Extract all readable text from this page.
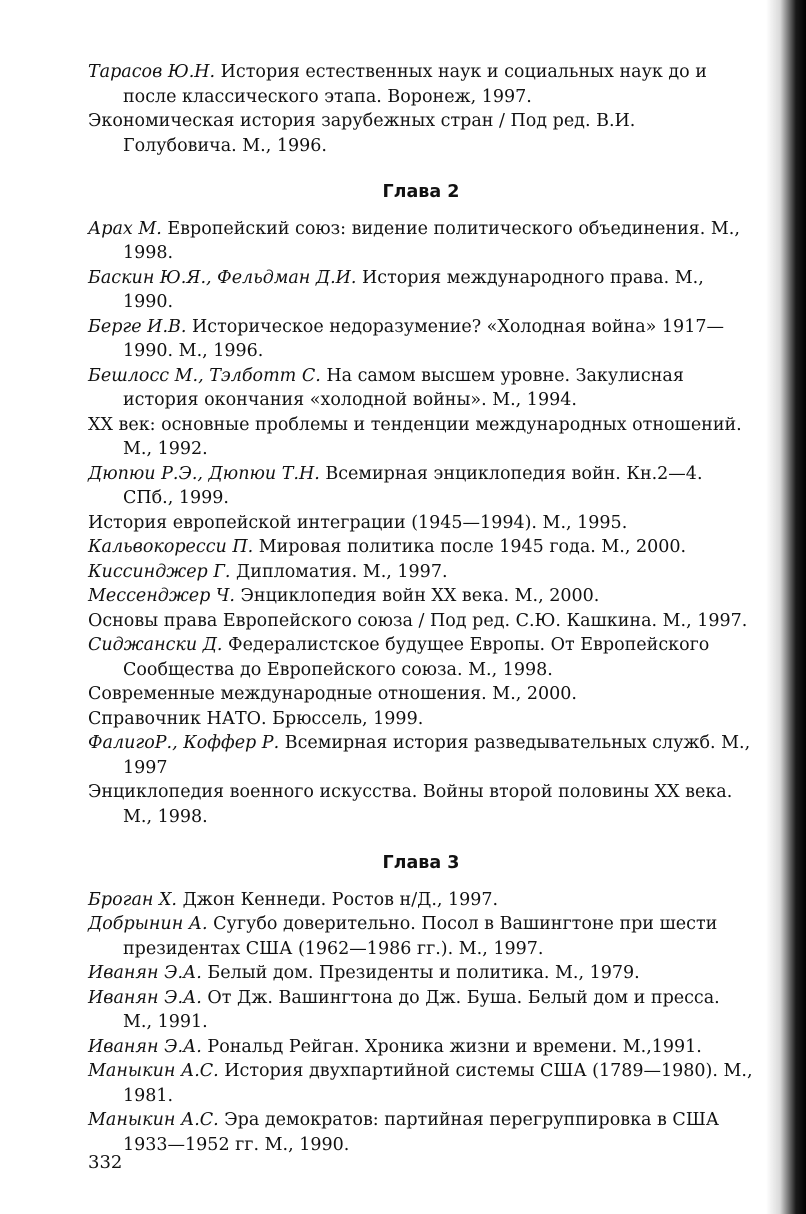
Тарасов Ю.Н. История естественных наук и социальных наук до и после классического этапа. Воронеж, 1997.

Экономическая история зарубежных стран / Под ред. В.И. Голубовича. М., 1996.

Глава 2

Арах М. Европейский союз: видение политического объединения. М., 1998.

Баскин Ю.Я., Фельдман Д.И. История международного права. М., 1990.

Берге И.В. Историческое недоразумение? «Холодная война» 1917—1990. М., 1996.

Бешлосс М., Тэлботт С. На самом высшем уровне. Закулисная история окончания «холодной войны». М., 1994.

XX век: основные проблемы и тенденции международных отношений. М., 1992.

Дюпюи Р.Э., Дюпюи Т.Н. Всемирная энциклопедия войн. Кн.2—4. СПб., 1999.

История европейской интеграции (1945—1994). М., 1995.

Кальвокоресси П. Мировая политика после 1945 года. М., 2000.

Киссинджер Г. Дипломатия. М., 1997.

Мессенджер Ч. Энциклопедия войн XX века. М., 2000.

Основы права Европейского союза / Под ред. С.Ю. Кашкина. М., 1997.

Сиджански Д. Федералистское будущее Европы. От Европейского Сообщества до Европейского союза. М., 1998.

Современные международные отношения. М., 2000.

Справочник НАТО. Брюссель, 1999.

ФалигоР., Коффер Р. Всемирная история разведывательных служб. М., 1997

Энциклопедия военного искусства. Войны второй половины XX века. М., 1998.

Глава 3

Броган Х. Джон Кеннеди. Ростов н/Д., 1997.

Добрынин А. Сугубо доверительно. Посол в Вашингтоне при шести президентах США (1962—1986 гг.). М., 1997.

Иванян Э.А. Белый дом. Президенты и политика. М., 1979.

Иванян Э.А. От Дж. Вашингтона до Дж. Буша. Белый дом и пресса. М., 1991.

Иванян Э.А. Рональд Рейган. Хроника жизни и времени. М.,1991.

Маныкин А.С. История двухпартийной системы США (1789—1980). М., 1981.

Маныкин А.С. Эра демократов: партийная перегруппировка в США 1933—1952 гг. М., 1990.

332
